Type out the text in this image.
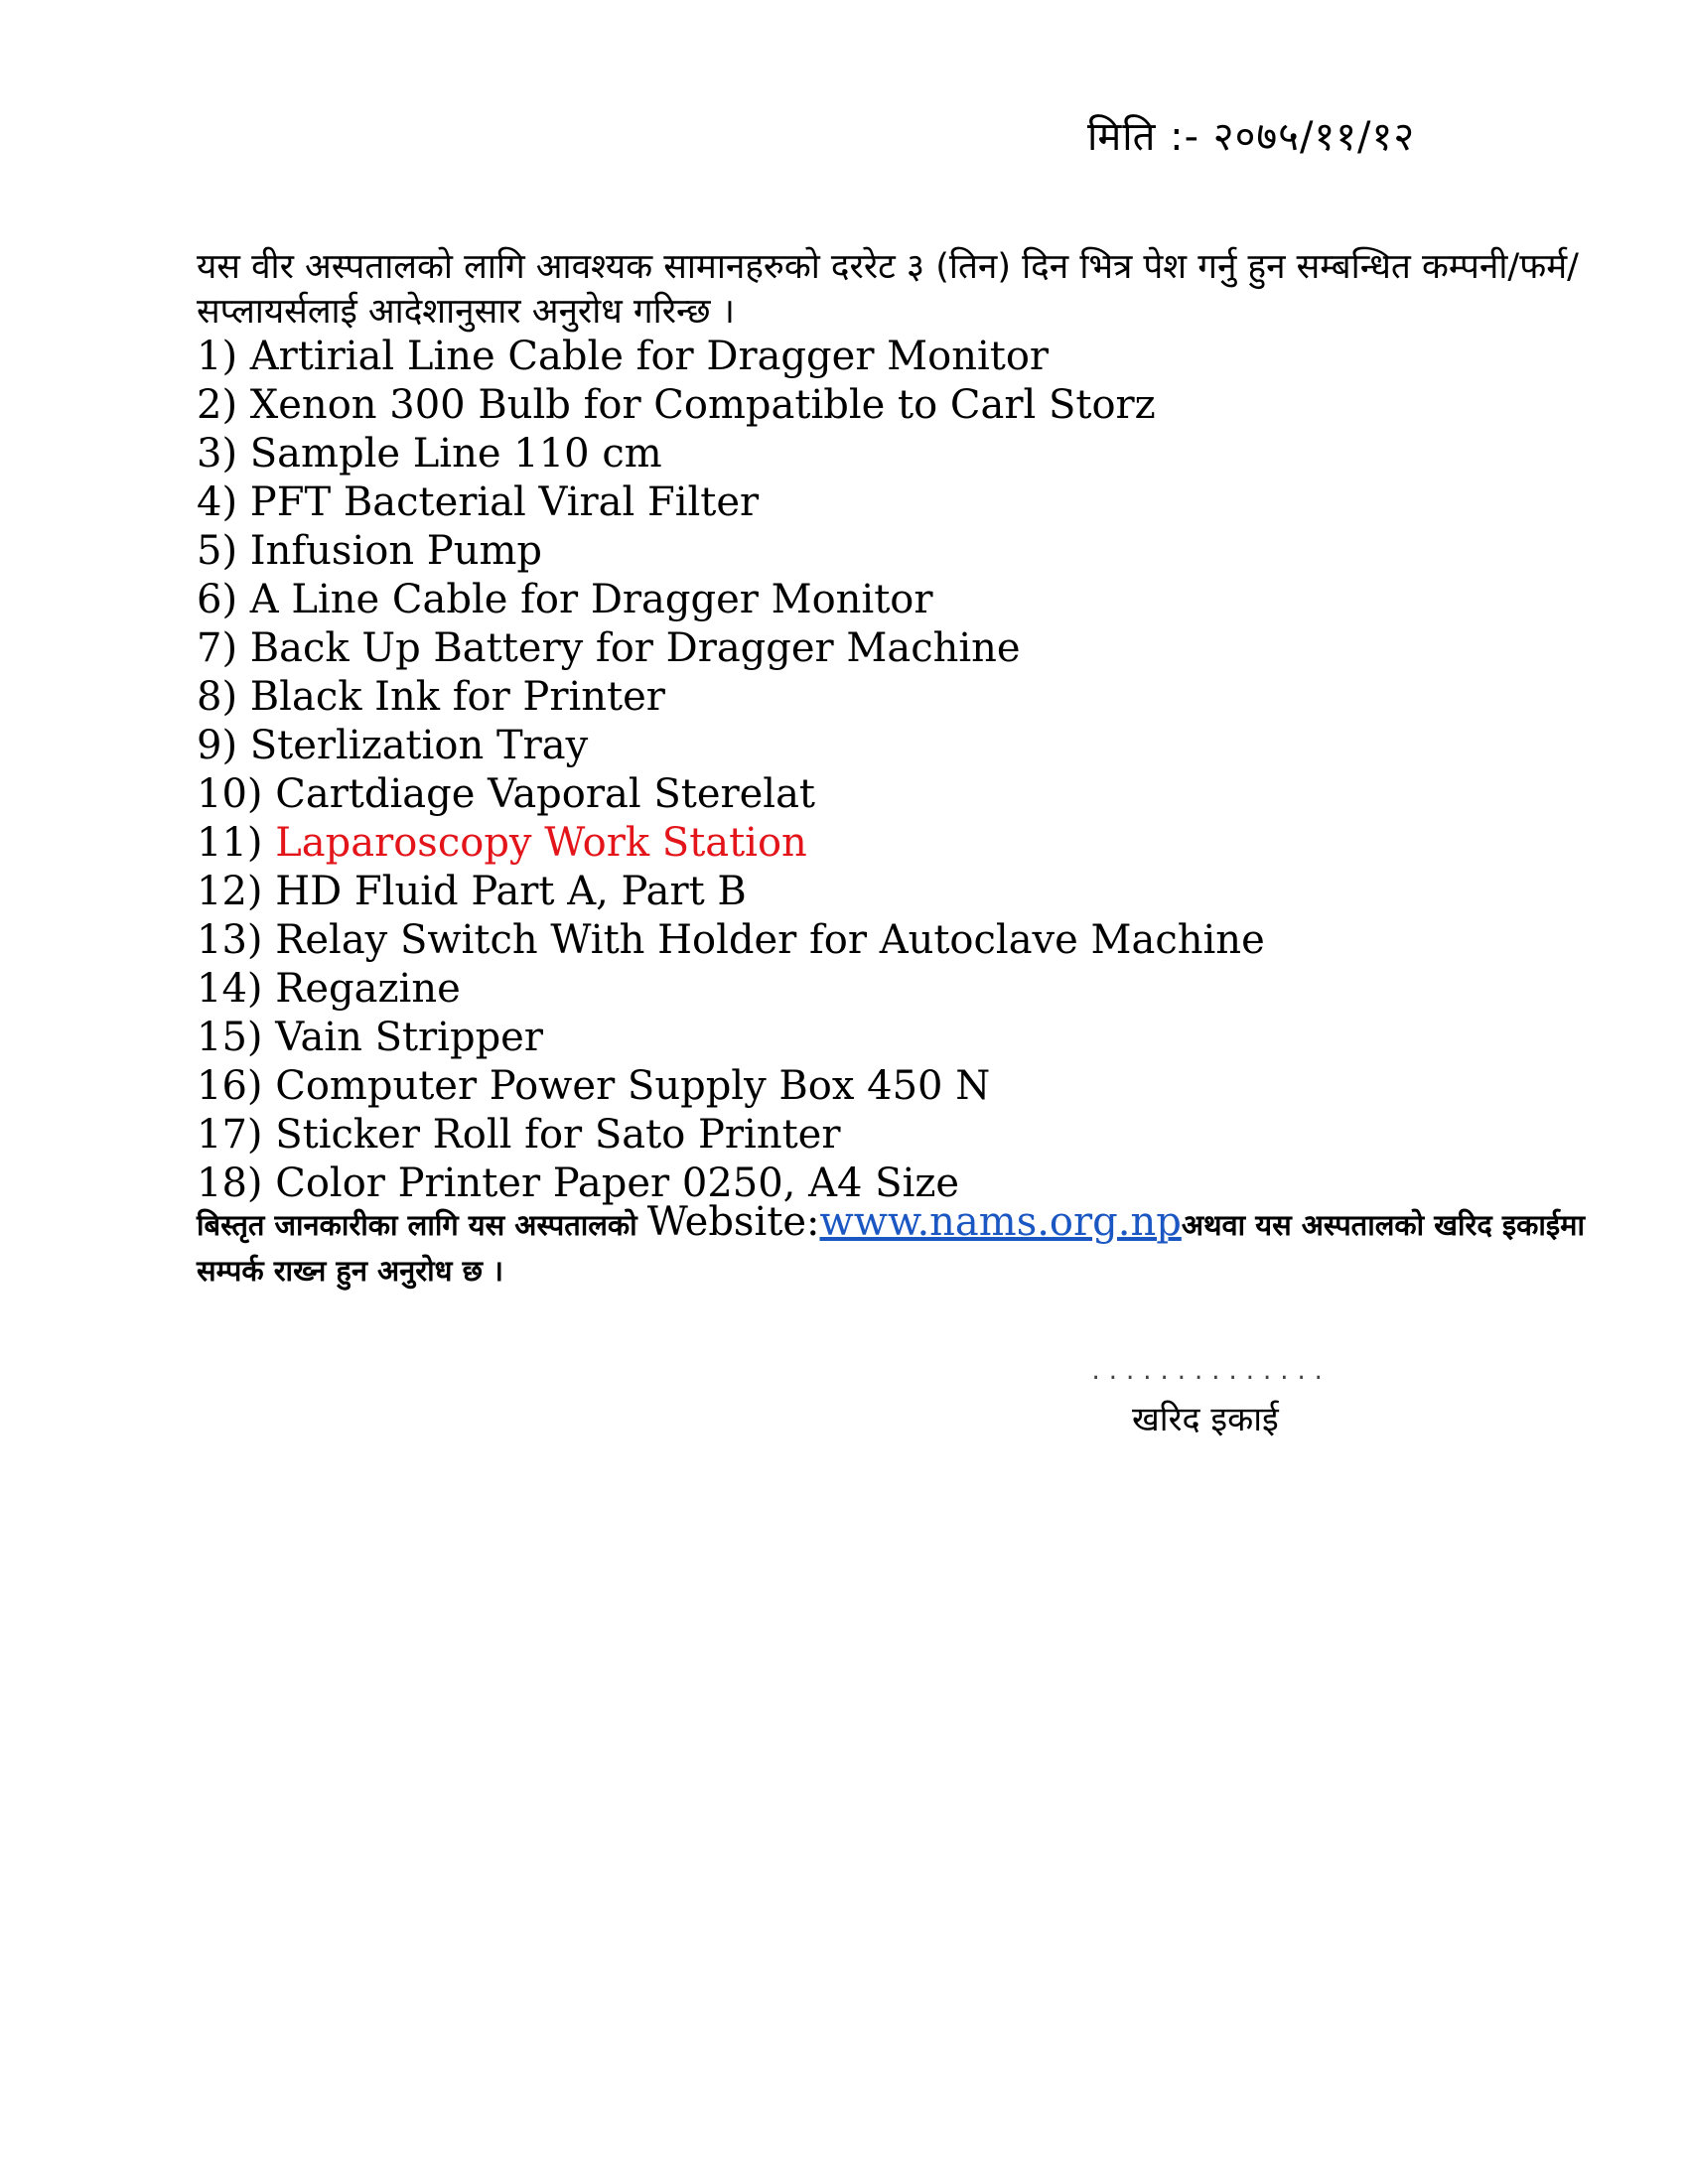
मिति :- २०७५/११/१२

यस वीर अस्पतालको लागि आवश्यक सामानहरुको दररेट ३ (तिन) दिन भित्र पेश गर्नु हुन सम्बन्धित कम्पनी/फर्म/सप्लायर्सलाई आदेशानुसार अनुरोध गरिन्छ ।

1) Artirial Line Cable for Dragger Monitor
2) Xenon 300 Bulb for Compatible to Carl Storz
3) Sample Line 110 cm
4) PFT Bacterial Viral Filter
5) Infusion Pump
6) A Line Cable for Dragger Monitor
7) Back Up Battery for Dragger Machine
8) Black Ink for Printer
9) Sterlization Tray
10) Cartdiage Vaporal Sterelat
11) Laparoscopy Work Station
12) HD Fluid Part A, Part B
13) Relay Switch With Holder for Autoclave Machine
14) Regazine
15) Vain Stripper
16) Computer Power Supply Box 450 N
17) Sticker Roll for Sato Printer
18) Color Printer Paper 0250, A4 Size

बिस्तृत जानकारीका लागि यस अस्पतालको Website:www.nams.org.npअथवा यस अस्पतालको खरिद इकाईमा सम्पर्क राख्न हुन अनुरोध छ ।

..............
खरिद इकाई
